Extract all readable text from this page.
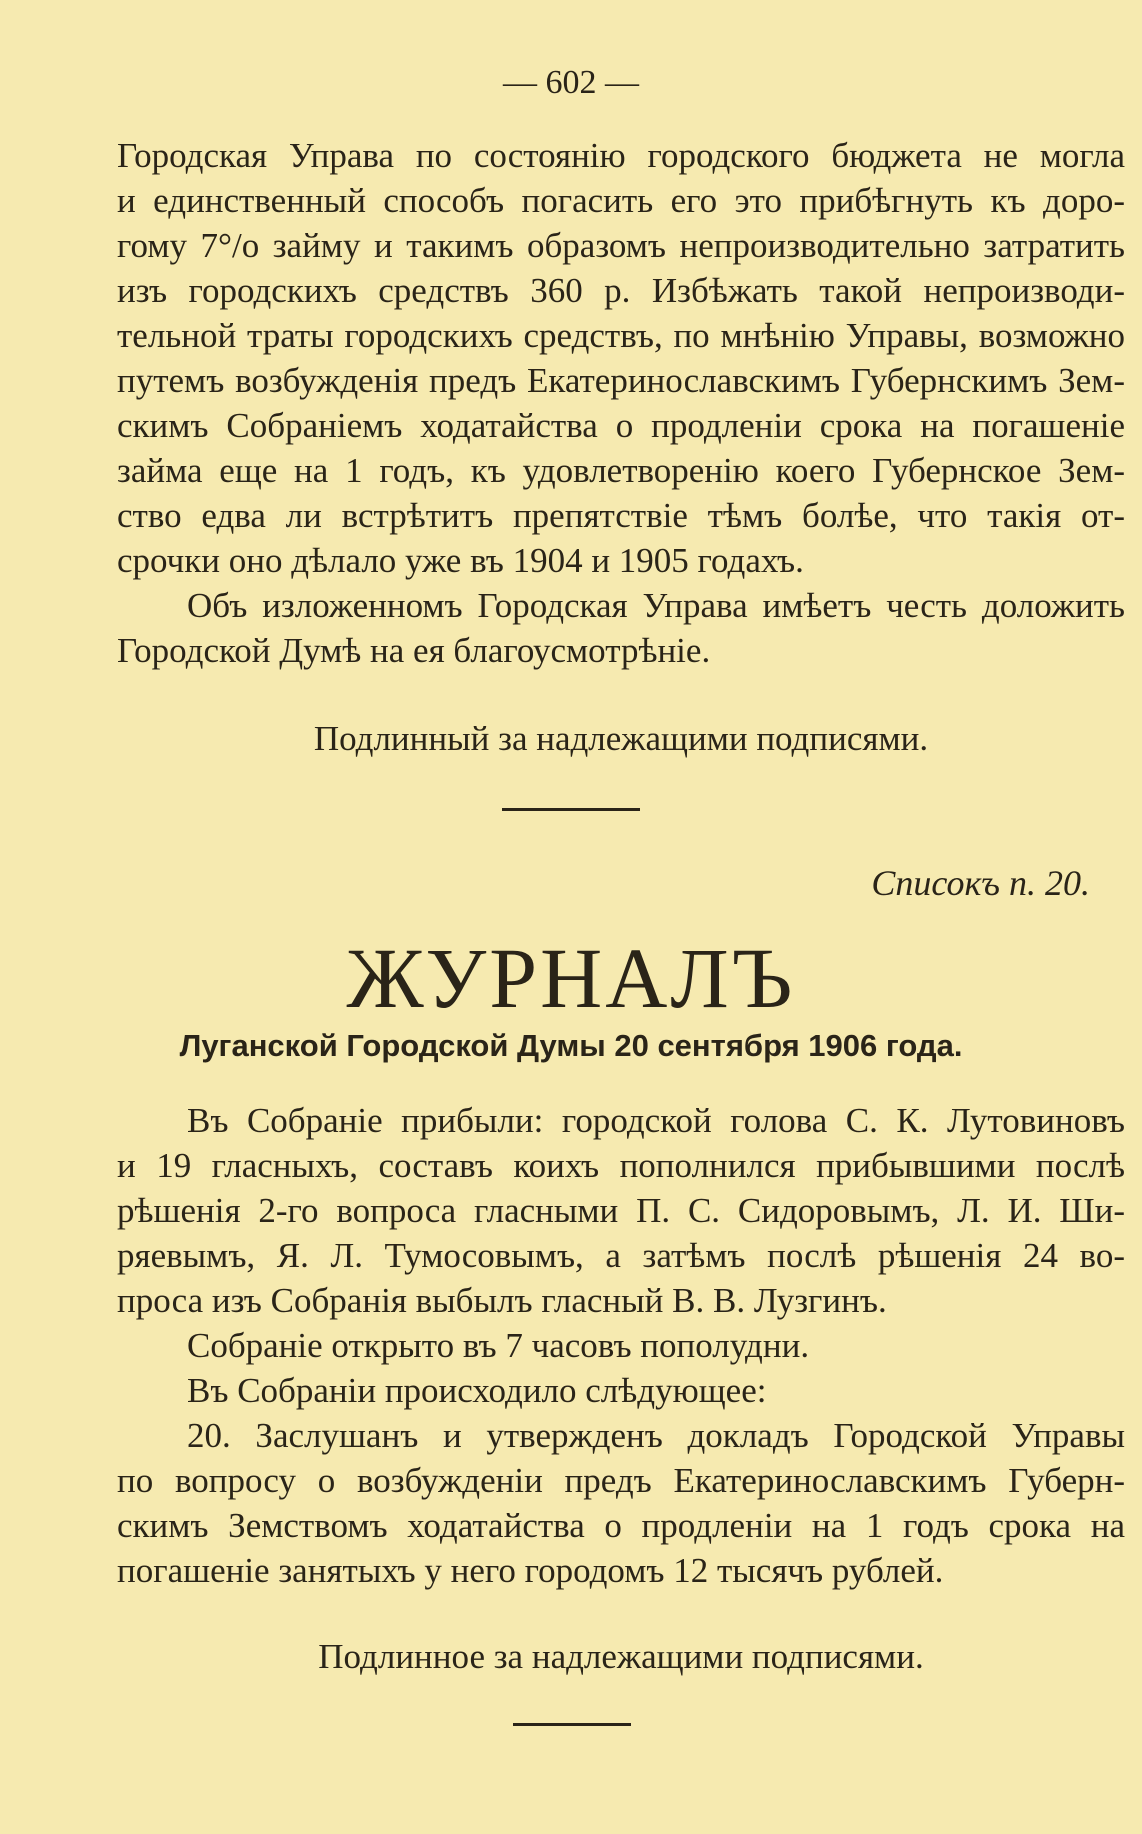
— 602 —
Городская Управа по состоянію городского бюджета не могла
и единственный способъ погасить его это прибѣгнуть къ доро-
гому 7°/о займу и такимъ образомъ непроизводительно затратить
изъ городскихъ средствъ 360 р. Избѣжать такой непроизводи-
тельной траты городскихъ средствъ, по мнѣнію Управы, возможно
путемъ возбужденія предъ Екатеринославскимъ Губернскимъ Зем-
скимъ Собраніемъ ходатайства о продленіи срока на погашеніе
займа еще на 1 годъ, къ удовлетворенію коего Губернское Зем-
ство едва ли встрѣтитъ препятствіе тѣмъ болѣе, что такія от-
срочки оно дѣлало уже въ 1904 и 1905 годахъ.
Объ изложенномъ Городская Управа имѣетъ честь доложить
Городской Думѣ на ея благоусмотрѣніе.
Подлинный за надлежащими подписями.
Списокъ п. 20.
ЖУРНАЛЪ
Луганской Городской Думы 20 сентября 1906 года.
Въ Собраніе прибыли: городской голова С. К. Лутовиновъ
и 19 гласныхъ, составъ коихъ пополнился прибывшими послѣ
рѣшенія 2-го вопроса гласными П. С. Сидоровымъ, Л. И. Ши-
ряевымъ, Я. Л. Тумосовымъ, а затѣмъ послѣ рѣшенія 24 во-
проса изъ Собранія выбылъ гласный В. В. Лузгинъ.
Собраніе открыто въ 7 часовъ пополудни.
Въ Собраніи происходило слѣдующее:
20. Заслушанъ и утвержденъ докладъ Городской Управы
по вопросу о возбужденіи предъ Екатеринославскимъ Губерн-
скимъ Земствомъ ходатайства о продленіи на 1 годъ срока на
погашеніе занятыхъ у него городомъ 12 тысячъ рублей.
Подлинное за надлежащими подписями.
